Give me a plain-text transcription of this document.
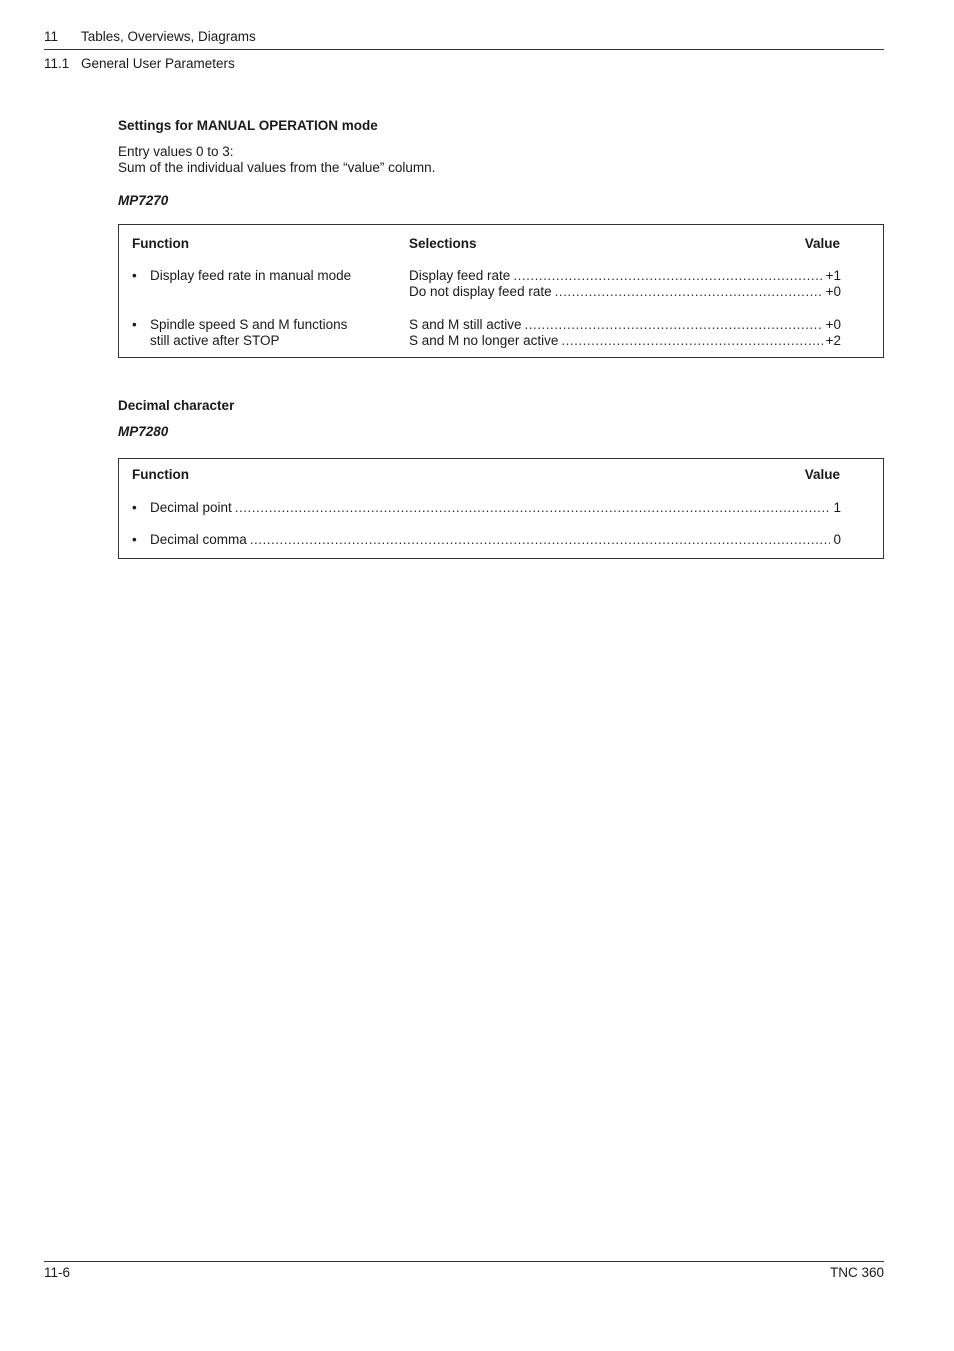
11 Tables, Overviews, Diagrams
11.1 General User Parameters
Settings for MANUAL OPERATION mode
Entry values 0 to 3:
Sum of the individual values from the “value” column.
MP7270
Function	Selections	Value
• Display feed rate in manual mode	Display feed rate .....	+1
Do not display feed rate .....	+0
• Spindle speed S and M functions
still active after STOP
S and M still active .....	+0
S and M no longer active .....	+2
Decimal character
MP7280
Function	Value
• Decimal point .....	1
• Decimal comma .....	0
11-6	TNC 360
